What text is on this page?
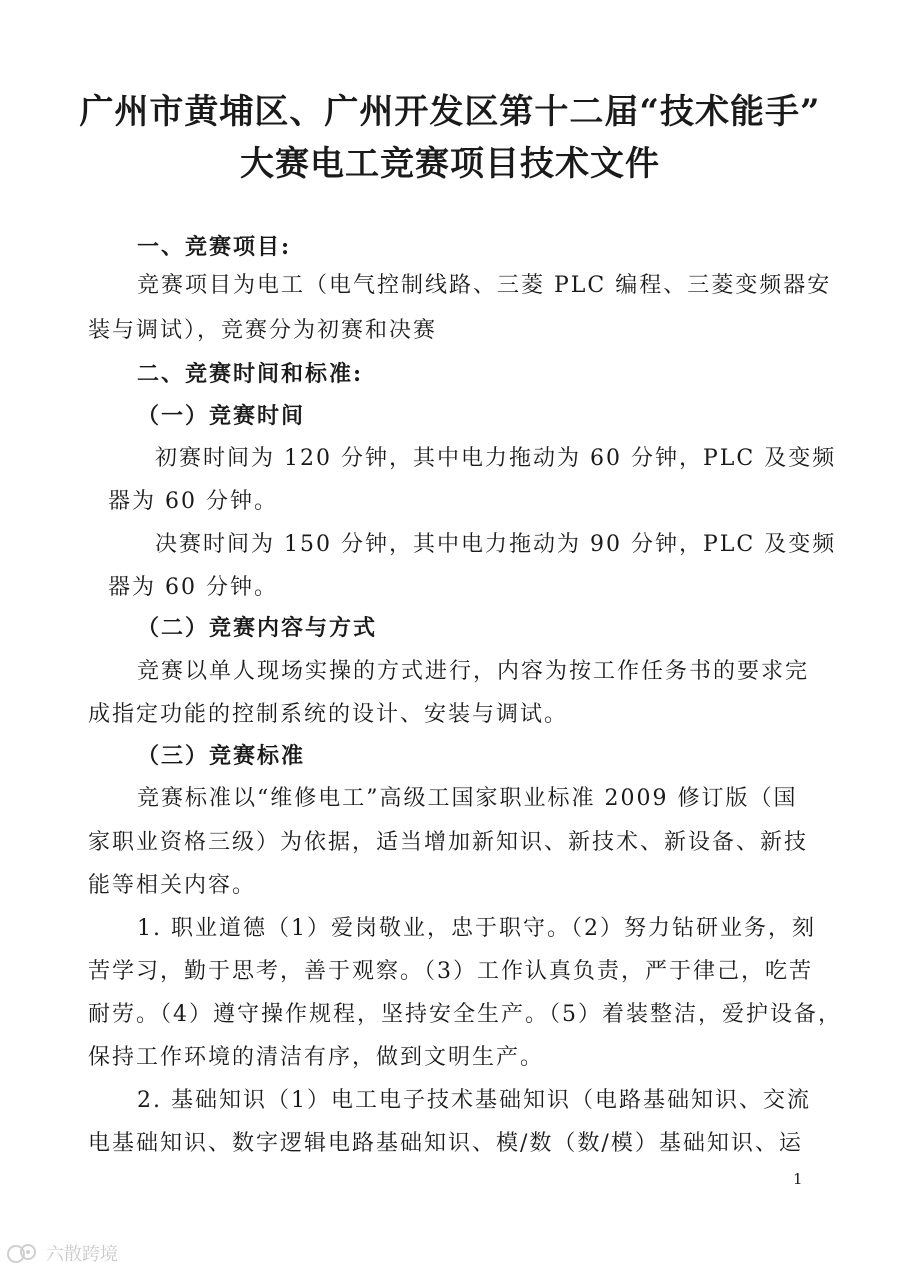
广州市黄埔区、广州开发区第十二届“技术能手”
大赛电工竞赛项目技术文件
一、竞赛项目:
竞赛项目为电工（电气控制线路、三菱 PLC 编程、三菱变频器安
装与调试），竞赛分为初赛和决赛
二、竞赛时间和标准:
（一）竞赛时间
初赛时间为 120 分钟，其中电力拖动为 60 分钟，PLC 及变频
器为 60 分钟。
决赛时间为 150 分钟，其中电力拖动为 90 分钟，PLC 及变频
器为 60 分钟。
（二）竞赛内容与方式
竞赛以单人现场实操的方式进行，内容为按工作任务书的要求完
成指定功能的控制系统的设计、安装与调试。
（三）竞赛标准
竞赛标准以“维修电工”高级工国家职业标准 2009 修订版（国
家职业资格三级）为依据，适当增加新知识、新技术、新设备、新技
能等相关内容。
1. 职业道德（1）爱岗敬业，忠于职守。（2）努力钻研业务，刻
苦学习，勤于思考，善于观察。（3）工作认真负责，严于律己，吃苦
耐劳。（4）遵守操作规程，坚持安全生产。（5）着装整洁，爱护设备，
保持工作环境的清洁有序，做到文明生产。
2. 基础知识（1）电工电子技术基础知识（电路基础知识、交流
电基础知识、数字逻辑电路基础知识、模/数（数/模）基础知识、运
1
六散跨境
